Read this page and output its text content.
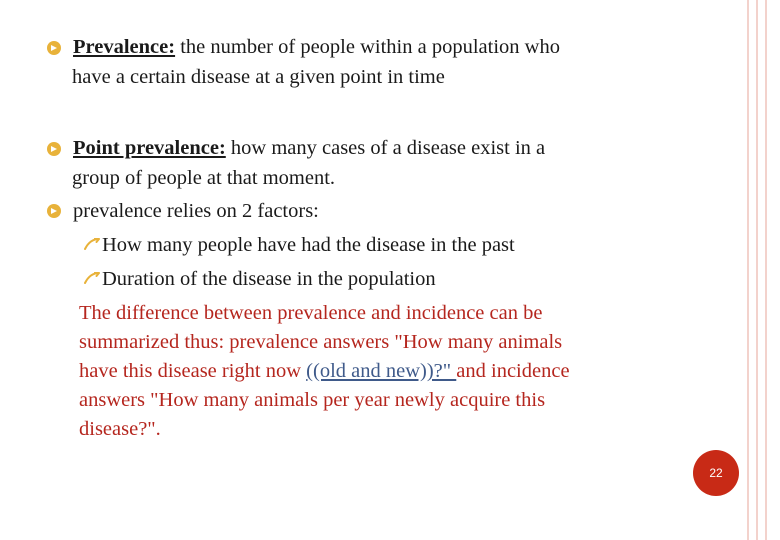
Prevalence: the number of people within a population who
have a certain disease at a given point in time
Point prevalence: how many cases of a disease exist in a
group of people at that moment.
prevalence relies on 2 factors:
How many people have had the disease in the past
Duration of the disease in the population
The difference between prevalence and incidence can be
summarized thus: prevalence answers "How many animals
have this disease right now ((old and new))?" and incidence
answers "How many animals per year newly acquire this
disease?".
22
